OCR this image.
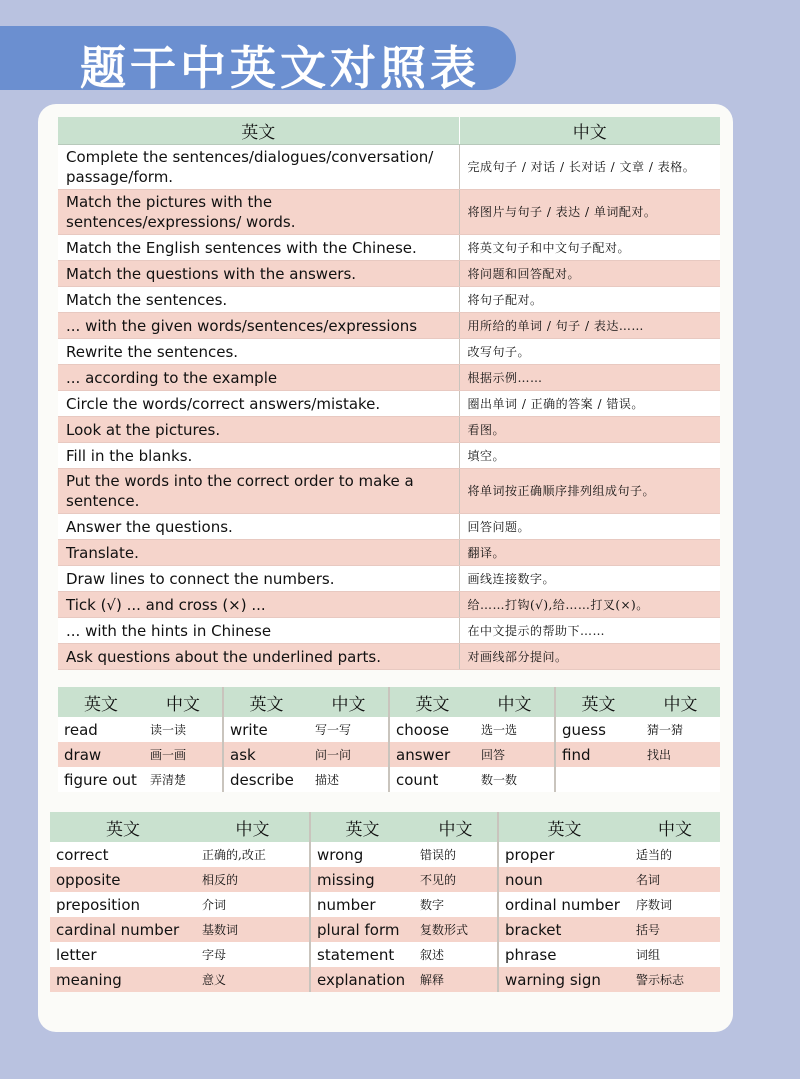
题干中英文对照表
英文	中文
Complete the sentences/dialogues/conversation/ passage/form.	完成句子 / 对话 / 长对话 / 文章 / 表格。
Match the pictures with the sentences/expressions/ words.	将图片与句子 / 表达 / 单词配对。
Match the English sentences with the Chinese.	将英文句子和中文句子配对。
Match the questions with the answers.	将问题和回答配对。
Match the sentences.	将句子配对。
... with the given words/sentences/expressions	用所给的单词 / 句子 / 表达……
Rewrite the sentences.	改写句子。
... according to the example	根据示例……
Circle the words/correct answers/mistake.	圈出单词 / 正确的答案 / 错误。
Look at the pictures.	看图。
Fill in the blanks.	填空。
Put the words into the correct order to make a sentence.	将单词按正确顺序排列组成句子。
Answer the questions.	回答问题。
Translate.	翻译。
Draw lines to connect the numbers.	画线连接数字。
Tick (√) ... and cross (×) ...	给……打钩(√),给……打叉(×)。
... with the hints in Chinese	在中文提示的帮助下……
Ask questions about the underlined parts.	对画线部分提问。
英文	中文	英文	中文	英文	中文	英文	中文
read	读一读	write	写一写	choose	选一选	guess	猜一猜
draw	画一画	ask	问一问	answer	回答	find	找出
figure out	弄清楚	describe	描述	count	数一数		
英文	中文	英文	中文	英文	中文
correct	正确的,改正	wrong	错误的	proper	适当的
opposite	相反的	missing	不见的	noun	名词
preposition	介词	number	数字	ordinal number	序数词
cardinal number	基数词	plural form	复数形式	bracket	括号
letter	字母	statement	叙述	phrase	词组
meaning	意义	explanation	解释	warning sign	警示标志
